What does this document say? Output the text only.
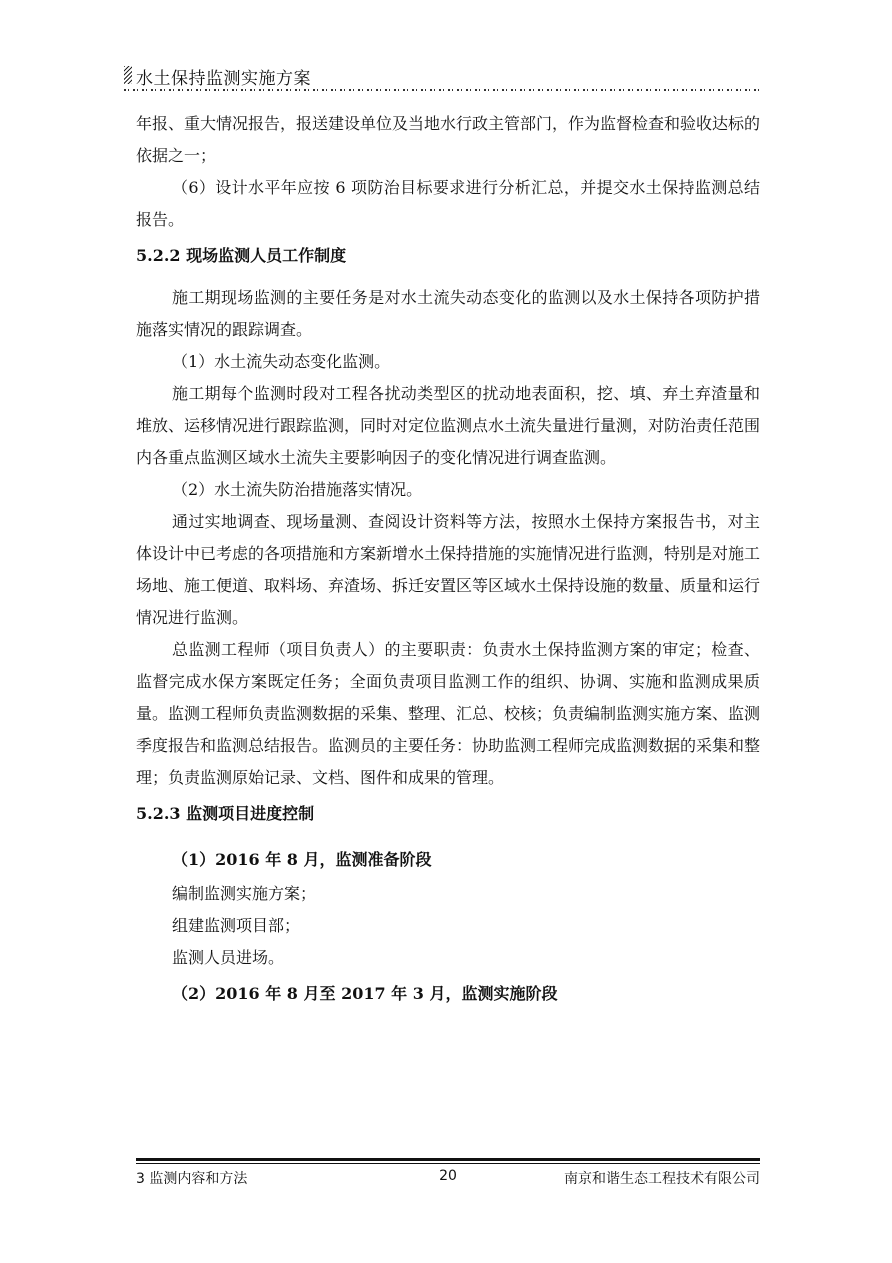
水土保持监测实施方案

年报、重大情况报告，报送建设单位及当地水行政主管部门，作为监督检查和验收达标的依据之一；

（6）设计水平年应按 6 项防治目标要求进行分析汇总，并提交水土保持监测总结报告。

5.2.2 现场监测人员工作制度

施工期现场监测的主要任务是对水土流失动态变化的监测以及水土保持各项防护措施落实情况的跟踪调查。

（1）水土流失动态变化监测。

施工期每个监测时段对工程各扰动类型区的扰动地表面积，挖、填、弃土弃渣量和堆放、运移情况进行跟踪监测，同时对定位监测点水土流失量进行量测，对防治责任范围内各重点监测区域水土流失主要影响因子的变化情况进行调查监测。

（2）水土流失防治措施落实情况。

通过实地调查、现场量测、查阅设计资料等方法，按照水土保持方案报告书，对主体设计中已考虑的各项措施和方案新增水土保持措施的实施情况进行监测，特别是对施工场地、施工便道、取料场、弃渣场、拆迁安置区等区域水土保持设施的数量、质量和运行情况进行监测。

总监测工程师（项目负责人）的主要职责：负责水土保持监测方案的审定；检查、监督完成水保方案既定任务；全面负责项目监测工作的组织、协调、实施和监测成果质量。监测工程师负责监测数据的采集、整理、汇总、校核；负责编制监测实施方案、监测季度报告和监测总结报告。监测员的主要任务：协助监测工程师完成监测数据的采集和整理；负责监测原始记录、文档、图件和成果的管理。

5.2.3 监测项目进度控制

（1）2016 年 8 月，监测准备阶段

编制监测实施方案；

组建监测项目部；

监测人员进场。

（2）2016 年 8 月至 2017 年 3 月，监测实施阶段

3 监测内容和方法	20	南京和谐生态工程技术有限公司
